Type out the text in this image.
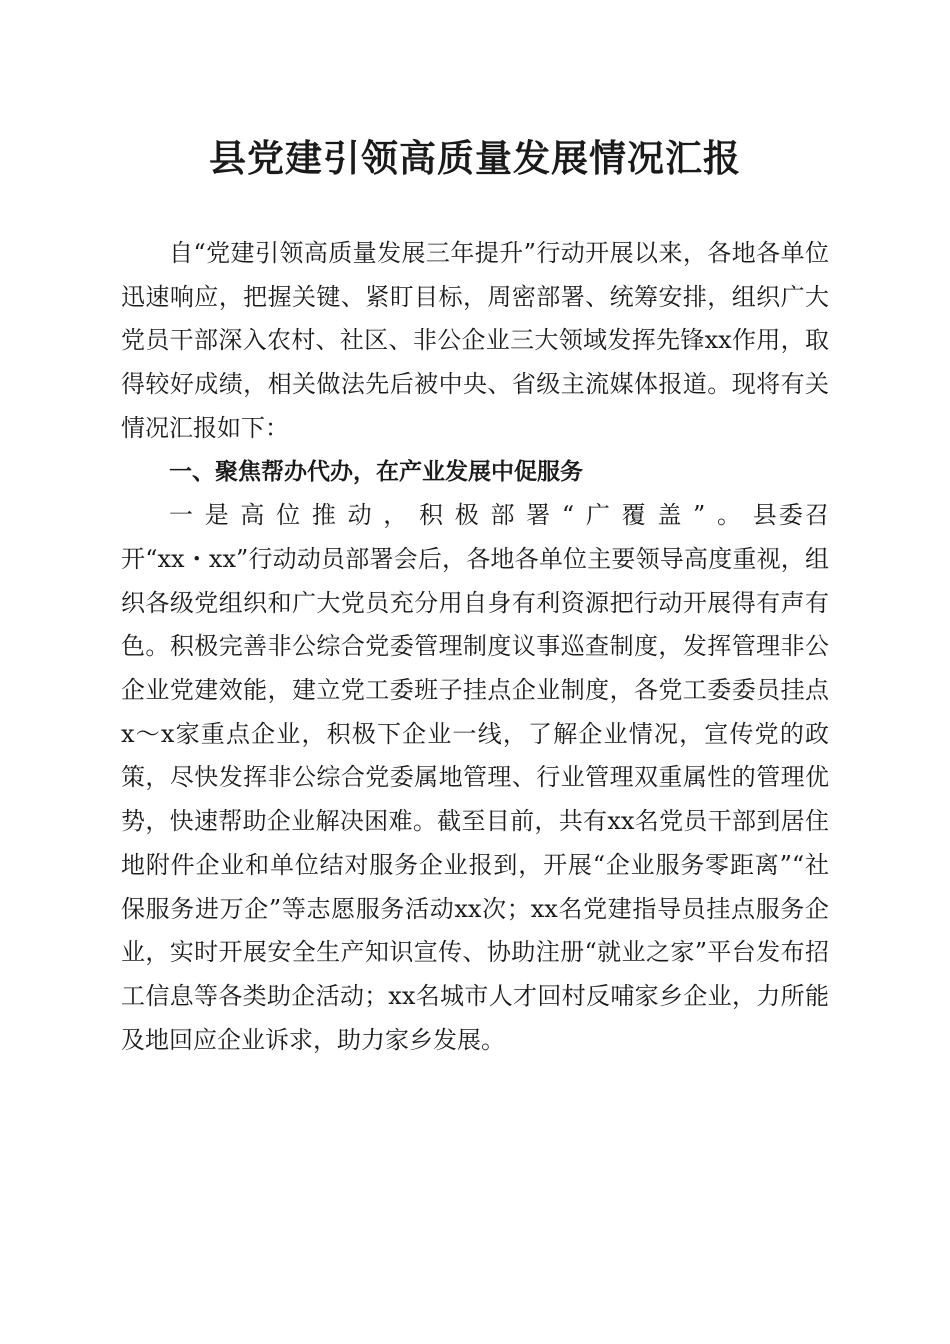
县党建引领高质量发展情况汇报

自“党建引领高质量发展三年提升”行动开展以来，各地各单位迅速响应，把握关键、紧盯目标，周密部署、统筹安排，组织广大党员干部深入农村、社区、非公企业三大领域发挥先锋xx作用，取得较好成绩，相关做法先后被中央、省级主流媒体报道。现将有关情况汇报如下：

一、聚焦帮办代办，在产业发展中促服务

一是高位推动，积极部署“广覆盖”。县委召开“xx・xx”行动动员部署会后，各地各单位主要领导高度重视，组织各级党组织和广大党员充分用自身有利资源把行动开展得有声有色。积极完善非公综合党委管理制度议事巡查制度，发挥管理非公企业党建效能，建立党工委班子挂点企业制度，各党工委委员挂点x～x家重点企业，积极下企业一线，了解企业情况，宣传党的政策，尽快发挥非公综合党委属地管理、行业管理双重属性的管理优势，快速帮助企业解决困难。截至目前，共有xx名党员干部到居住地附件企业和单位结对服务企业报到，开展“企业服务零距离”“社保服务进万企”等志愿服务活动xx次；xx名党建指导员挂点服务企业，实时开展安全生产知识宣传、协助注册“就业之家”平台发布招工信息等各类助企活动；xx名城市人才回村反哺家乡企业，力所能及地回应企业诉求，助力家乡发展。
